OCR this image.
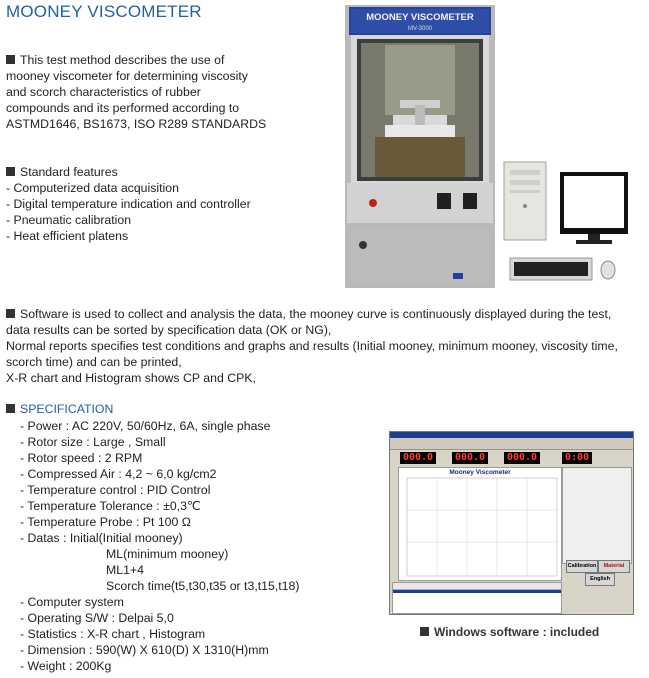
MOONEY VISCOMETER
This test method describes the use of
mooney viscometer for determining viscosity
and scorch characteristics of rubber
compounds and its performed according to
ASTMD1646, BS1673, ISO R289 STANDARDS
Standard features
- Computerized data acquisition
- Digital temperature indication and controller
- Pneumatic calibration
- Heat efficient platens
MOONEY VISCOMETER
MV-3000
Software is used to collect and analysis the data, the mooney curve is continuously displayed during the test,
data results can be sorted by specification data (OK or NG),
Normal reports specifies test conditions and graphs and results (Initial mooney, minimum mooney, viscosity time,
scorch time) and can be printed,
X-R chart and Histogram shows CP and CPK,
SPECIFICATION
- Power : AC 220V, 50/60Hz, 6A, single phase
- Rotor size : Large , Small
- Rotor speed : 2 RPM
- Compressed Air : 4,2 ~ 6,0 kg/cm2
- Temperature control : PID Control
- Temperature Tolerance : ±0,3℃
- Temperature Probe : Pt 100 Ω
- Datas : Initial(Initial mooney)
ML(minimum mooney)
ML1+4
Scorch time(t5,t30,t35 or t3,t15,t18)
- Computer system
- Operating S/W : Delpai 5,0
- Statistics : X-R chart , Histogram
- Dimension : 590(W) X 610(D) X 1310(H)mm
- Weight : 200Kg
000.0 000.0 000.0	0:00
Mooney Viscometer
Calibration	Material
English
Windows software : included
